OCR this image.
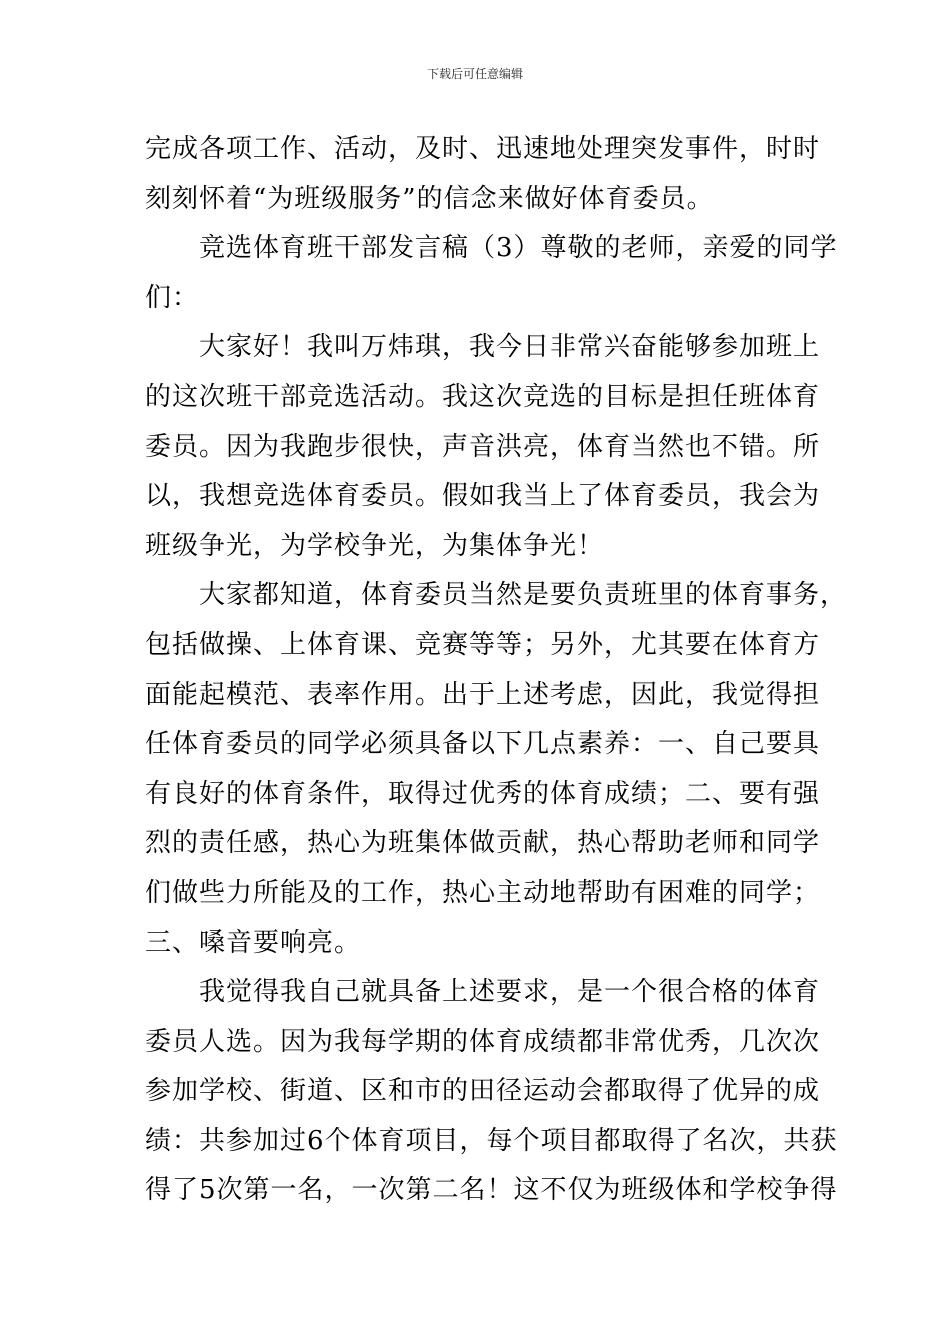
下载后可任意编辑

完成各项工作、活动，及时、迅速地处理突发事件，时时
刻刻怀着“为班级服务”的信念来做好体育委员。

竞选体育班干部发言稿（3）尊敬的老师，亲爱的同学
们：

大家好！我叫万炜琪，我今日非常兴奋能够参加班上
的这次班干部竞选活动。我这次竞选的目标是担任班体育
委员。因为我跑步很快，声音洪亮，体育当然也不错。所
以，我想竞选体育委员。假如我当上了体育委员，我会为
班级争光，为学校争光，为集体争光！

大家都知道，体育委员当然是要负责班里的体育事务，
包括做操、上体育课、竞赛等等；另外，尤其要在体育方
面能起模范、表率作用。出于上述考虑，因此，我觉得担
任体育委员的同学必须具备以下几点素养：一、自己要具
有良好的体育条件，取得过优秀的体育成绩；二、要有强
烈的责任感，热心为班集体做贡献，热心帮助老师和同学
们做些力所能及的工作，热心主动地帮助有困难的同学；
三、嗓音要响亮。

我觉得我自己就具备上述要求，是一个很合格的体育
委员人选。因为我每学期的体育成绩都非常优秀，几次次
参加学校、街道、区和市的田径运动会都取得了优异的成
绩：共参加过6个体育项目，每个项目都取得了名次，共获
得了5次第一名，一次第二名！这不仅为班级体和学校争得
